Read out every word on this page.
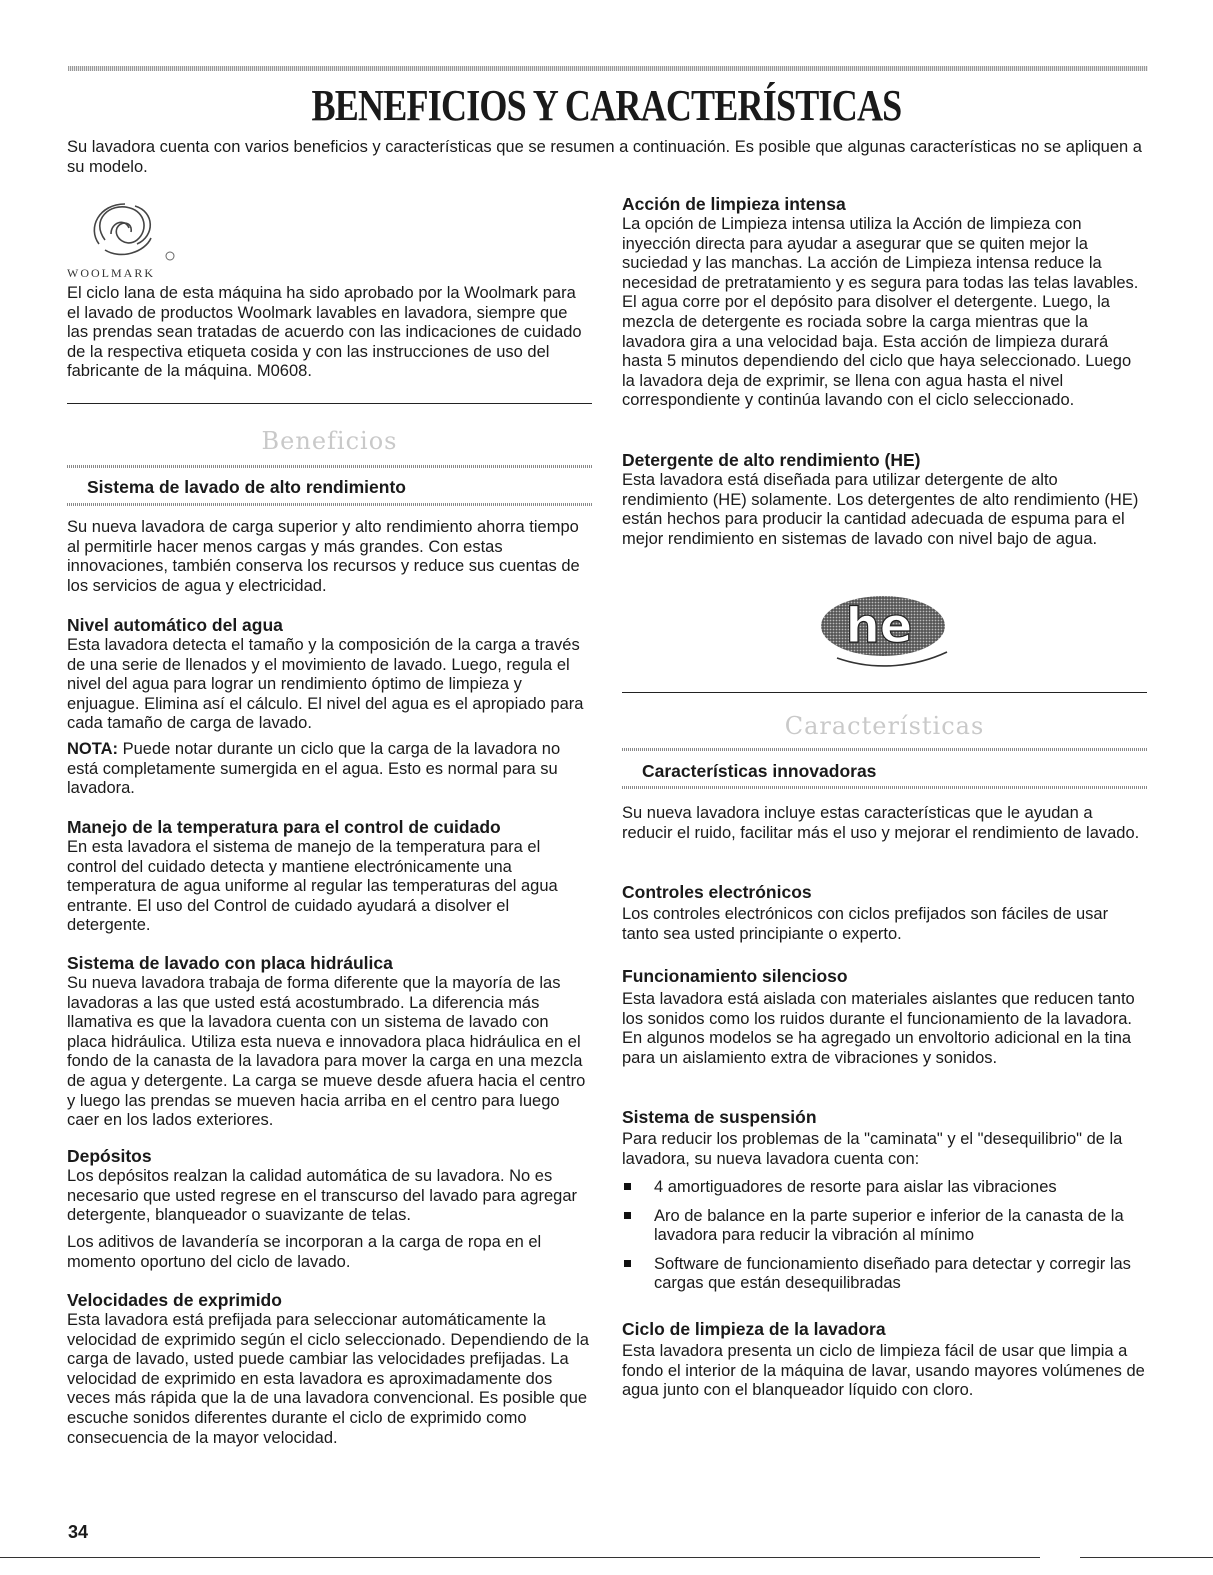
BENEFICIOS Y CARACTERÍSTICAS

Su lavadora cuenta con varios beneficios y características que se resumen a continuación. Es posible que algunas características no se apliquen a su modelo.

WOOLMARK

El ciclo lana de esta máquina ha sido aprobado por la Woolmark para el lavado de productos Woolmark lavables en lavadora, siempre que las prendas sean tratadas de acuerdo con las indicaciones de cuidado de la respectiva etiqueta cosida y con las instrucciones de uso del fabricante de la máquina. M0608.

Beneficios
Sistema de lavado de alto rendimiento

Su nueva lavadora de carga superior y alto rendimiento ahorra tiempo al permitirle hacer menos cargas y más grandes. Con estas innovaciones, también conserva los recursos y reduce sus cuentas de los servicios de agua y electricidad.

Nivel automático del agua

Esta lavadora detecta el tamaño y la composición de la carga a través de una serie de llenados y el movimiento de lavado. Luego, regula el nivel del agua para lograr un rendimiento óptimo de limpieza y enjuague. Elimina así el cálculo. El nivel del agua es el apropiado para cada tamaño de carga de lavado.

NOTA: Puede notar durante un ciclo que la carga de la lavadora no está completamente sumergida en el agua. Esto es normal para su lavadora.

Manejo de la temperatura para el control de cuidado

En esta lavadora el sistema de manejo de la temperatura para el control del cuidado detecta y mantiene electrónicamente una temperatura de agua uniforme al regular las temperaturas del agua entrante. El uso del Control de cuidado ayudará a disolver el detergente.

Sistema de lavado con placa hidráulica

Su nueva lavadora trabaja de forma diferente que la mayoría de las lavadoras a las que usted está acostumbrado. La diferencia más llamativa es que la lavadora cuenta con un sistema de lavado con placa hidráulica. Utiliza esta nueva e innovadora placa hidráulica en el fondo de la canasta de la lavadora para mover la carga en una mezcla de agua y detergente. La carga se mueve desde afuera hacia el centro y luego las prendas se mueven hacia arriba en el centro para luego caer en los lados exteriores.

Depósitos

Los depósitos realzan la calidad automática de su lavadora. No es necesario que usted regrese en el transcurso del lavado para agregar detergente, blanqueador o suavizante de telas.

Los aditivos de lavandería se incorporan a la carga de ropa en el momento oportuno del ciclo de lavado.

Velocidades de exprimido

Esta lavadora está prefijada para seleccionar automáticamente la velocidad de exprimido según el ciclo seleccionado. Dependiendo de la carga de lavado, usted puede cambiar las velocidades prefijadas. La velocidad de exprimido en esta lavadora es aproximadamente dos veces más rápida que la de una lavadora convencional. Es posible que escuche sonidos diferentes durante el ciclo de exprimido como consecuencia de la mayor velocidad.

Acción de limpieza intensa

La opción de Limpieza intensa utiliza la Acción de limpieza con inyección directa para ayudar a asegurar que se quiten mejor la suciedad y las manchas. La acción de Limpieza intensa reduce la necesidad de pretratamiento y es segura para todas las telas lavables. El agua corre por el depósito para disolver el detergente. Luego, la mezcla de detergente es rociada sobre la carga mientras que la lavadora gira a una velocidad baja. Esta acción de limpieza durará hasta 5 minutos dependiendo del ciclo que haya seleccionado. Luego la lavadora deja de exprimir, se llena con agua hasta el nivel correspondiente y continúa lavando con el ciclo seleccionado.

Detergente de alto rendimiento (HE)

Esta lavadora está diseñada para utilizar detergente de alto rendimiento (HE) solamente. Los detergentes de alto rendimiento (HE) están hechos para producir la cantidad adecuada de espuma para el mejor rendimiento en sistemas de lavado con nivel bajo de agua.

he
Características
Características innovadoras

Su nueva lavadora incluye estas características que le ayudan a reducir el ruido, facilitar más el uso y mejorar el rendimiento de lavado.

Controles electrónicos

Los controles electrónicos con ciclos prefijados son fáciles de usar tanto sea usted principiante o experto.

Funcionamiento silencioso

Esta lavadora está aislada con materiales aislantes que reducen tanto los sonidos como los ruidos durante el funcionamiento de la lavadora. En algunos modelos se ha agregado un envoltorio adicional en la tina para un aislamiento extra de vibraciones y sonidos.

Sistema de suspensión

Para reducir los problemas de la "caminata" y el "desequilibrio" de la lavadora, su nueva lavadora cuenta con:

4 amortiguadores de resorte para aislar las vibraciones

Aro de balance en la parte superior e inferior de la canasta de la lavadora para reducir la vibración al mínimo

Software de funcionamiento diseñado para detectar y corregir las cargas que están desequilibradas

Ciclo de limpieza de la lavadora

Esta lavadora presenta un ciclo de limpieza fácil de usar que limpia a fondo el interior de la máquina de lavar, usando mayores volúmenes de agua junto con el blanqueador líquido con cloro.

34
